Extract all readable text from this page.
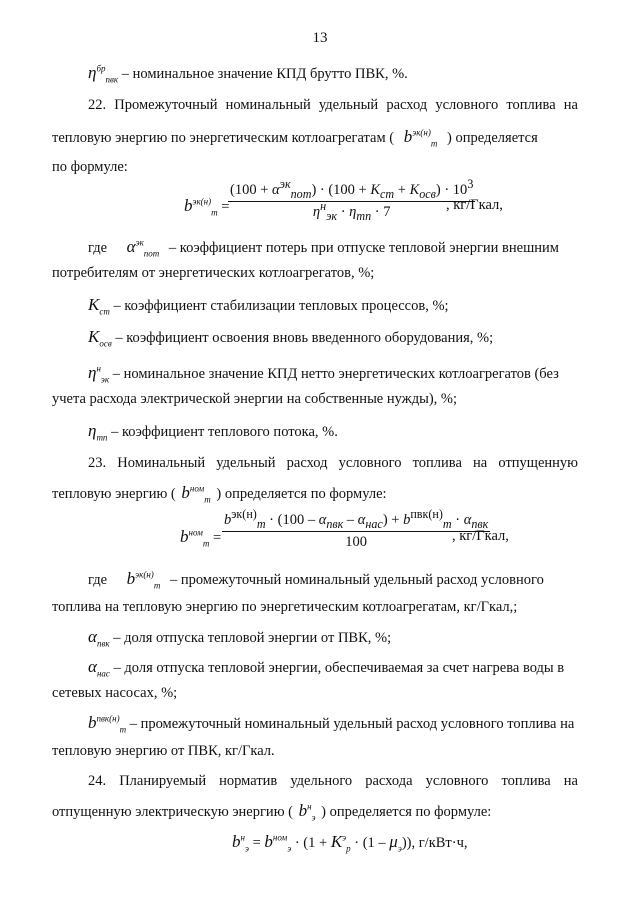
13
$\eta^{бр}_{пвк}$ – номинальное значение КПД брутто ПВК, %.
22. Промежуточный номинальный удельный расход условного топлива на
тепловую энергию по энергетическим котлоагрегатам ( $b^{эк(н)}_т$ ) определяется
по формуле:
$b^{эк(н)}_т$ =
$(100 + \alpha^{эк}_{пот}) \cdot (100 + K_{ст} + K_{осв}) \cdot 10^3$
$\eta^н_{эк} \cdot \eta_{тп} \cdot 7$	, кг/Гкал,
где $\alpha^{эк}_{пот}$ – коэффициент потерь при отпуске тепловой энергии внешним
потребителям от энергетических котлоагрегатов, %;
$K_{ст}$ – коэффициент стабилизации тепловых процессов, %;
$K_{осв}$ – коэффициент освоения вновь введенного оборудования, %;
$\eta^н_{эк}$ – номинальное значение КПД нетто энергетических котлоагрегатов (без
учета расхода электрической энергии на собственные нужды), %;
$\eta_{тп}$ – коэффициент теплового потока, %.
23. Номинальный удельный расход условного топлива на отпущенную
тепловую энергию ( $b^{ном}_т$ ) определяется по формуле:
$b^{ном}_т$ =
$b^{эк(н)}_т \cdot (100 - \alpha_{пвк} - \alpha_{нас}) + b^{пвк(н)}_т \cdot \alpha_{пвк}$
100	, кг/Гкал,
где $b^{эк(н)}_т$ – промежуточный номинальный удельный расход условного
топлива на тепловую энергию по энергетическим котлоагрегатам, кг/Гкал,;
$\alpha_{пвк}$ – доля отпуска тепловой энергии от ПВК, %;
$\alpha_{нас}$ – доля отпуска тепловой энергии, обеспечиваемая за счет нагрева воды в
сетевых насосах, %;
$b^{пвк(н)}_т$ – промежуточный номинальный удельный расход условного топлива на
тепловую энергию от ПВК, кг/Гкал.
24. Планируемый норматив удельного расхода условного топлива на
отпущенную электрическую энергию ( $b^н_э$ ) определяется по формуле:
$b^н_э = b^{ном}_э \cdot (1 + K^э_р \cdot (1 - \mu_э))$, г/кВт·ч,
